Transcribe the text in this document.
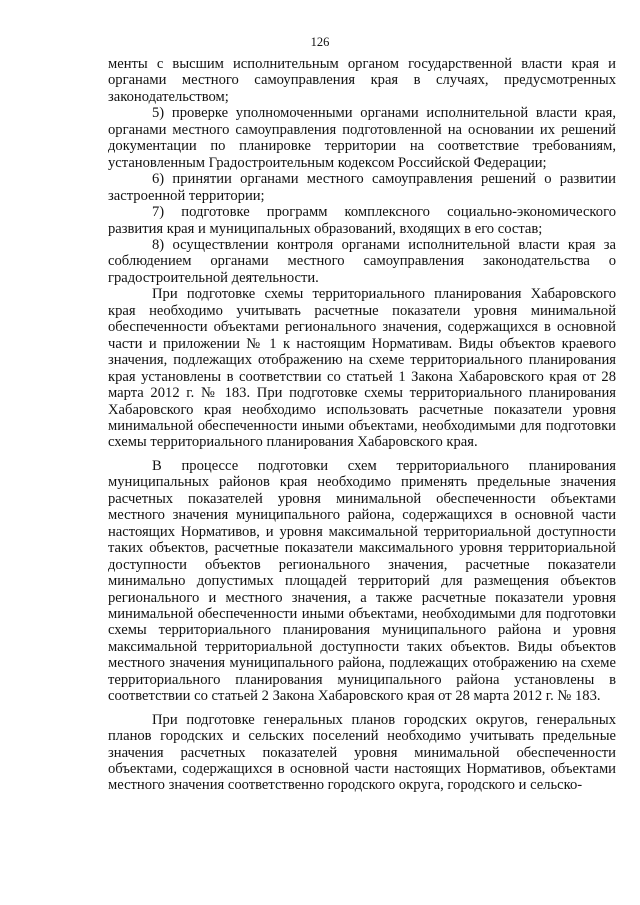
126

менты с высшим исполнительным органом государственной власти края и органами местного самоуправления края в случаях, предусмотренных законодательством;

5) проверке уполномоченными органами исполнительной власти края, органами местного самоуправления подготовленной на основании их решений документации по планировке территории на соответствие требованиям, установленным Градостроительным кодексом Российской Федерации;

6) принятии органами местного самоуправления решений о развитии застроенной территории;

7) подготовке программ комплексного социально-экономического развития края и муниципальных образований, входящих в его состав;

8) осуществлении контроля органами исполнительной власти края за соблюдением органами местного самоуправления законодательства о градостроительной деятельности.

При подготовке схемы территориального планирования Хабаровского края необходимо учитывать расчетные показатели уровня минимальной обеспеченности объектами регионального значения, содержащихся в основной части и приложении № 1 к настоящим Нормативам. Виды объектов краевого значения, подлежащих отображению на схеме территориального планирования края установлены в соответствии со статьей 1 Закона Хабаровского края от 28 марта 2012 г. № 183. При подготовке схемы территориального планирования Хабаровского края необходимо использовать расчетные показатели уровня минимальной обеспеченности иными объектами, необходимыми для подготовки схемы территориального планирования Хабаровского края.

В процессе подготовки схем территориального планирования муниципальных районов края необходимо применять предельные значения расчетных показателей уровня минимальной обеспеченности объектами местного значения муниципального района, содержащихся в основной части настоящих Нормативов, и уровня максимальной территориальной доступности таких объектов, расчетные показатели максимального уровня территориальной доступности объектов регионального значения, расчетные показатели минимально допустимых площадей территорий для размещения объектов регионального и местного значения, а также расчетные показатели уровня минимальной обеспеченности иными объектами, необходимыми для подготовки схемы территориального планирования муниципального района и уровня максимальной территориальной доступности таких объектов. Виды объектов местного значения муниципального района, подлежащих отображению на схеме территориального планирования муниципального района установлены в соответствии со статьей 2 Закона Хабаровского края от 28 марта 2012 г. № 183.

При подготовке генеральных планов городских округов, генеральных планов городских и сельских поселений необходимо учитывать предельные значения расчетных показателей уровня минимальной обеспеченности объектами, содержащихся в основной части настоящих Нормативов, объектами местного значения соответственно городского округа, городского и сельско-
